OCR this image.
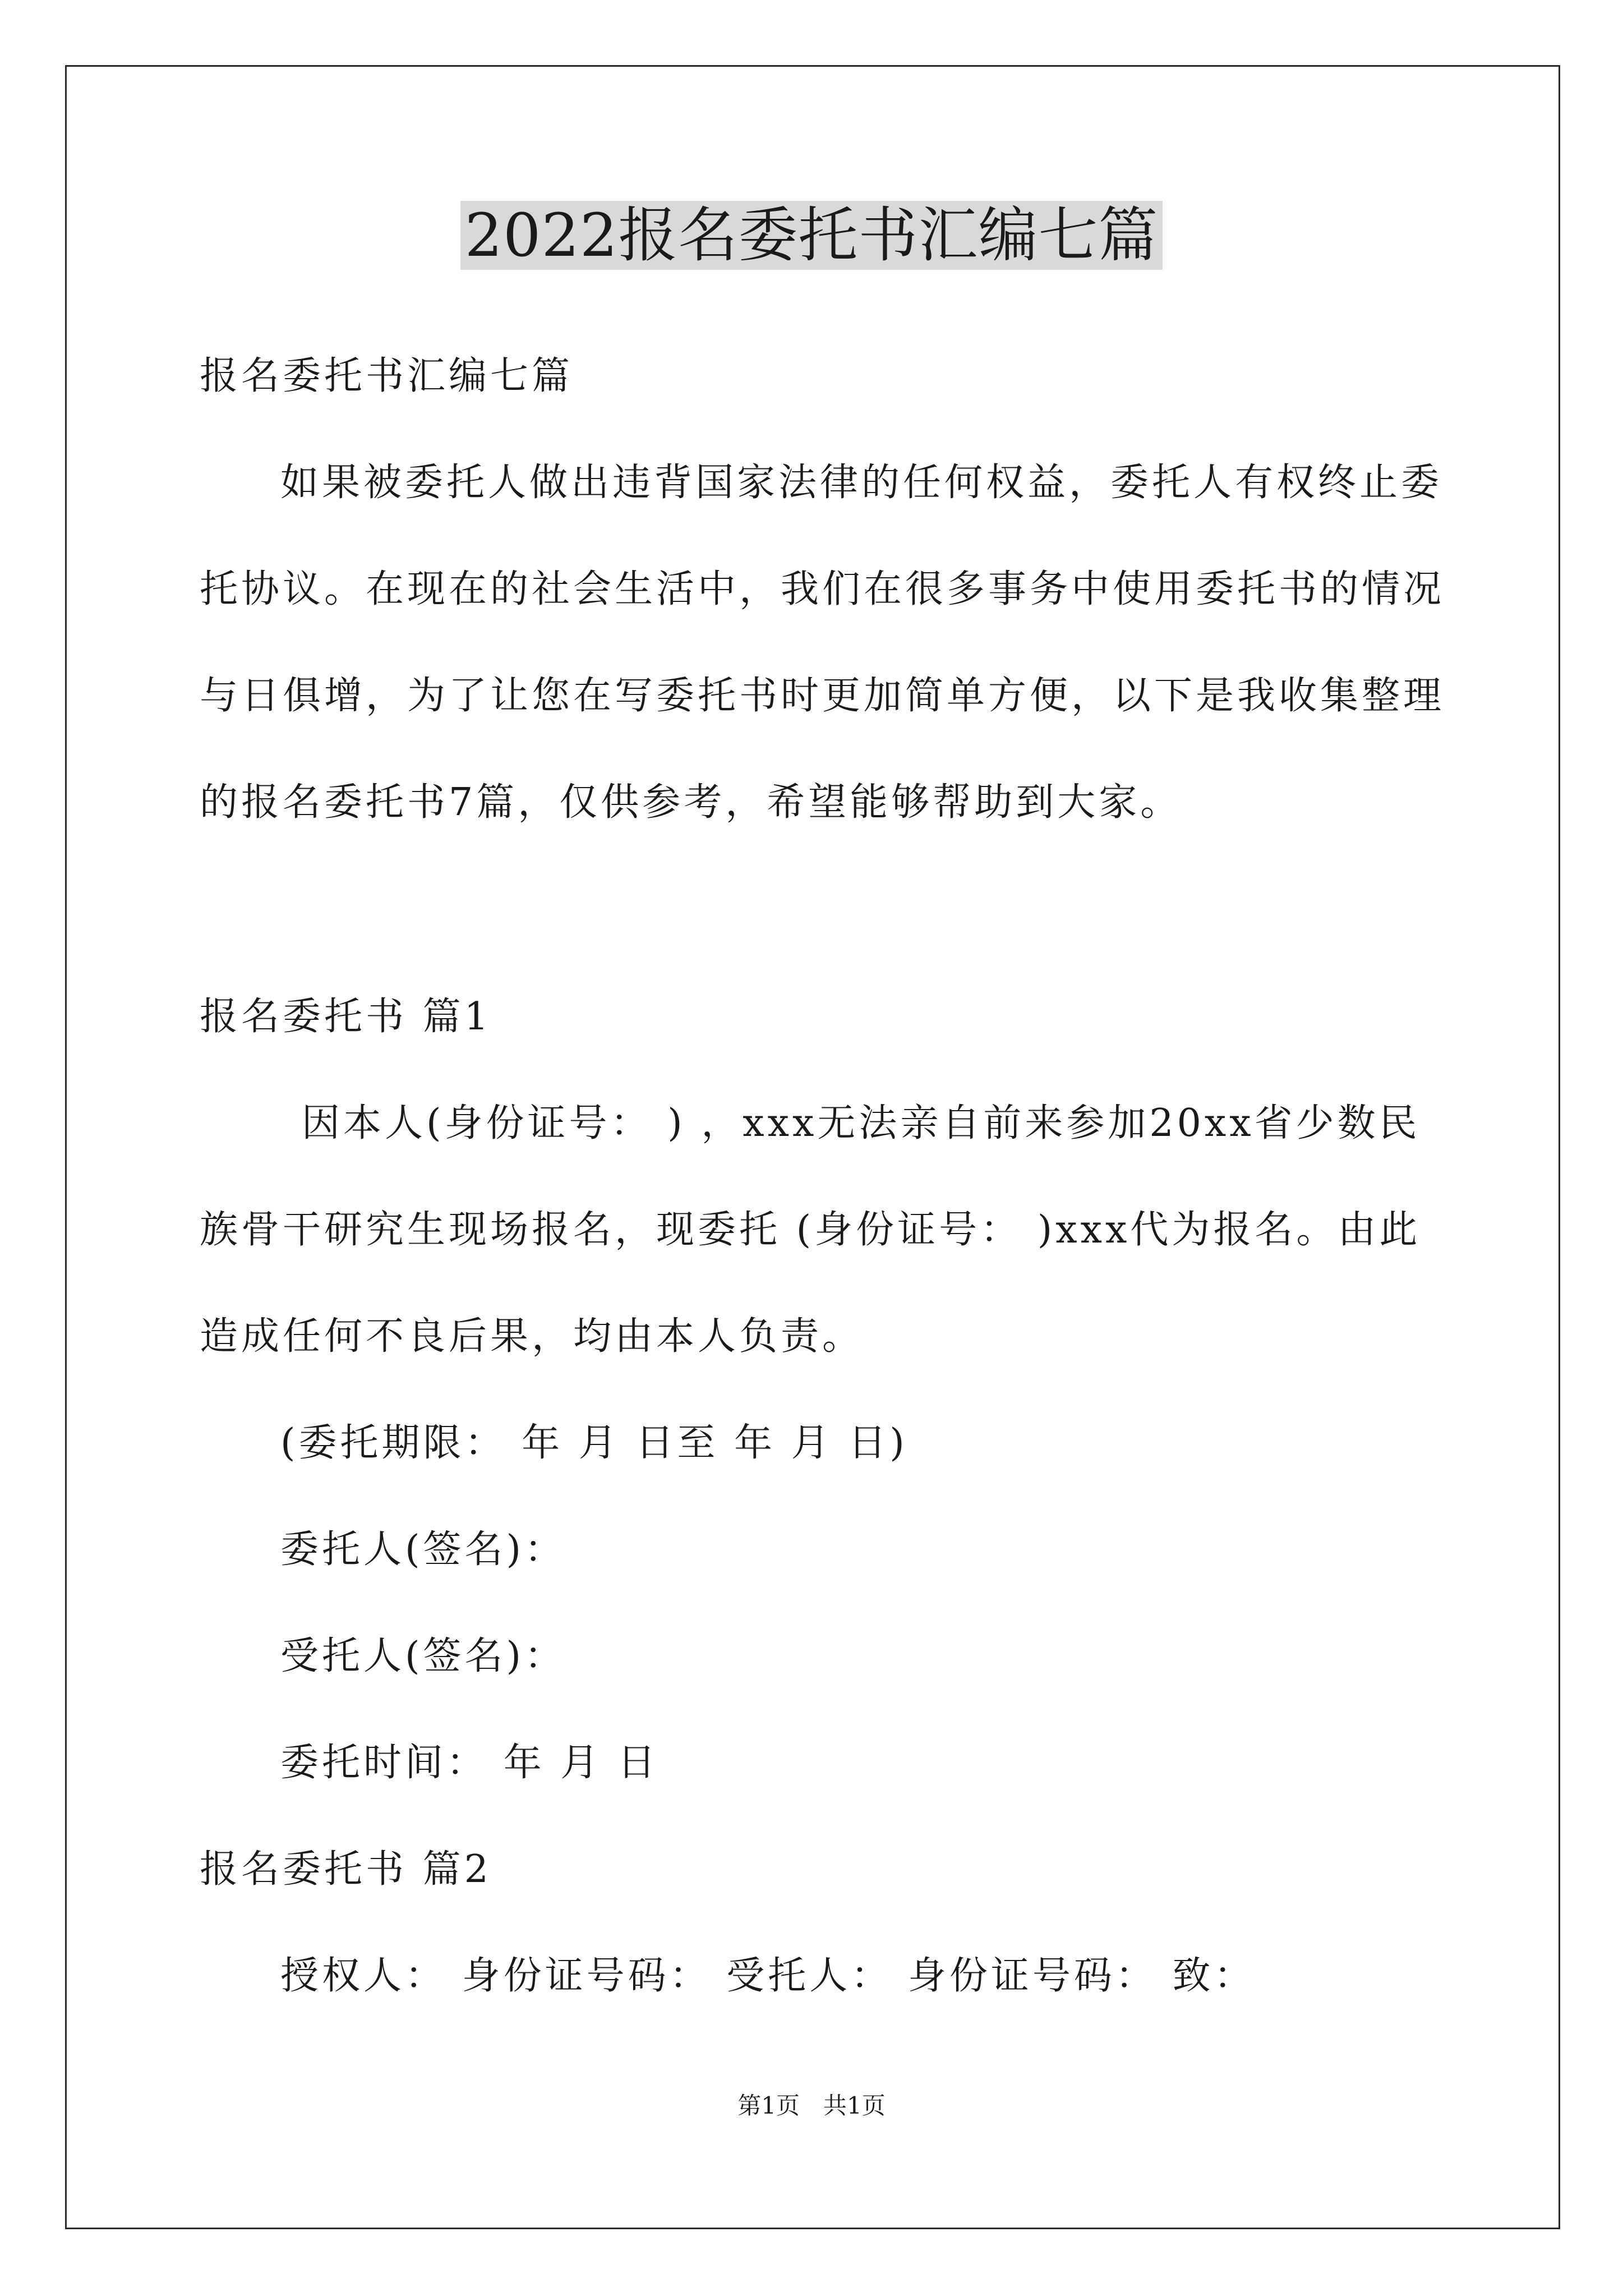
2022报名委托书汇编七篇
报名委托书汇编七篇
如果被委托人做出违背国家法律的任何权益，委托人有权终止委
托协议。在现在的社会生活中，我们在很多事务中使用委托书的情况
与日俱增，为了让您在写委托书时更加简单方便，以下是我收集整理
的报名委托书7篇，仅供参考，希望能够帮助到大家。
报名委托书 篇1
因本人(身份证号： ) ，xxx无法亲自前来参加20xx省少数民
族骨干研究生现场报名，现委托 (身份证号： )xxx代为报名。由此
造成任何不良后果，均由本人负责。
(委托期限： 年 月 日至 年 月 日)
委托人(签名)：
受托人(签名)：
委托时间： 年 月 日
报名委托书 篇2
授权人： 身份证号码： 受托人： 身份证号码： 致：
第1页 共1页
